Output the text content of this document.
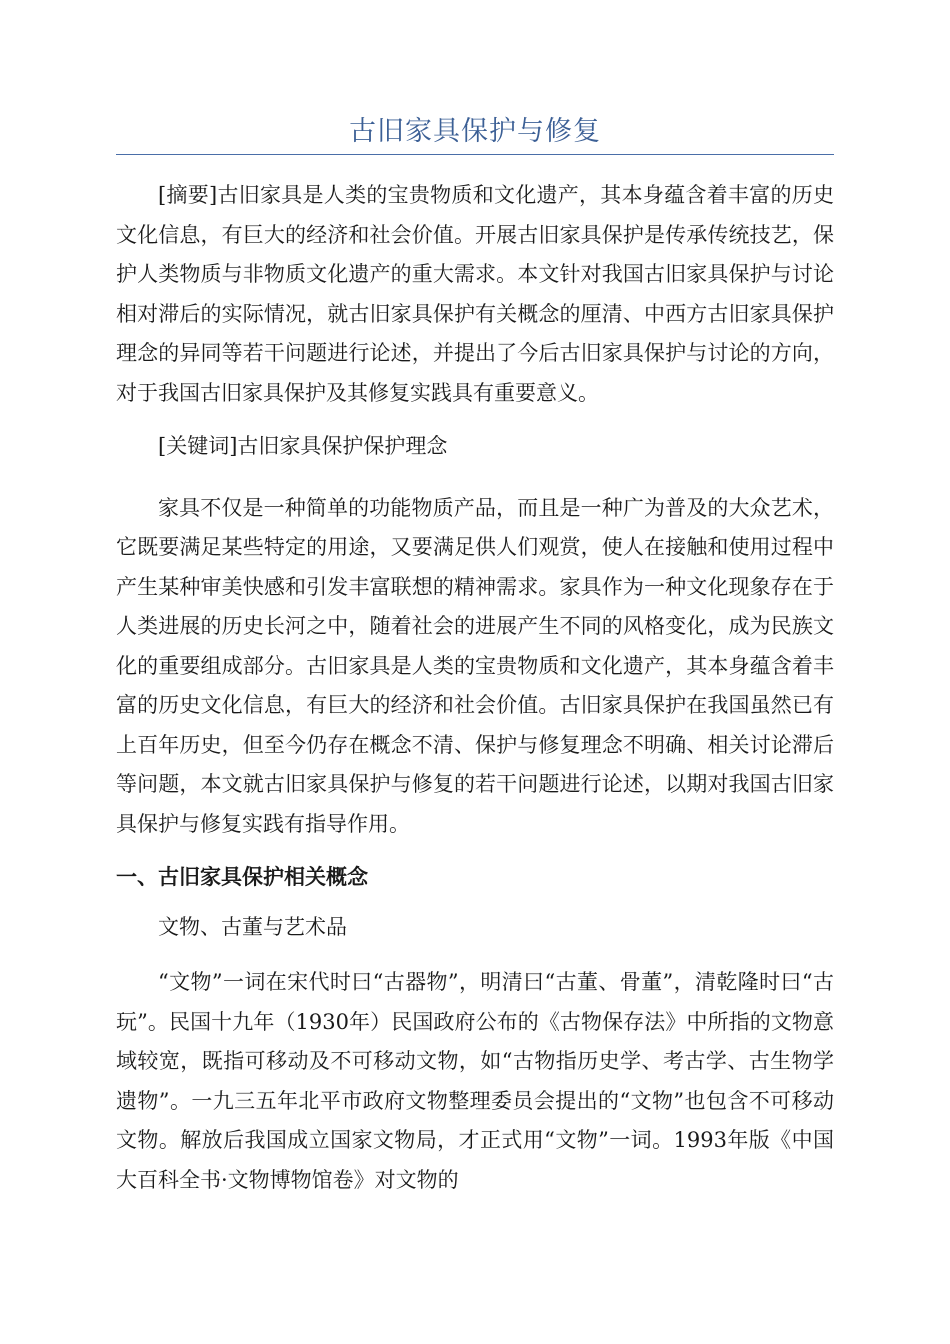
古旧家具保护与修复

[摘要]古旧家具是人类的宝贵物质和文化遗产，其本身蕴含着丰富的历史文化信息，有巨大的经济和社会价值。开展古旧家具保护是传承传统技艺，保护人类物质与非物质文化遗产的重大需求。本文针对我国古旧家具保护与讨论相对滞后的实际情况，就古旧家具保护有关概念的厘清、中西方古旧家具保护理念的异同等若干问题进行论述，并提出了今后古旧家具保护与讨论的方向，对于我国古旧家具保护及其修复实践具有重要意义。

[关键词]古旧家具保护保护理念

家具不仅是一种简单的功能物质产品，而且是一种广为普及的大众艺术，它既要满足某些特定的用途，又要满足供人们观赏，使人在接触和使用过程中产生某种审美快感和引发丰富联想的精神需求。家具作为一种文化现象存在于人类进展的历史长河之中，随着社会的进展产生不同的风格变化，成为民族文化的重要组成部分。古旧家具是人类的宝贵物质和文化遗产，其本身蕴含着丰富的历史文化信息，有巨大的经济和社会价值。古旧家具保护在我国虽然已有上百年历史，但至今仍存在概念不清、保护与修复理念不明确、相关讨论滞后等问题，本文就古旧家具保护与修复的若干问题进行论述，以期对我国古旧家具保护与修复实践有指导作用。

一、古旧家具保护相关概念
文物、古董与艺术品

“文物”一词在宋代时曰“古器物”，明清曰“古董、骨董”，清乾隆时曰“古玩”。民国十九年（1930年）民国政府公布的《古物保存法》中所指的文物意域较宽，既指可移动及不可移动文物，如“古物指历史学、考古学、古生物学遗物”。一九三五年北平市政府文物整理委员会提出的“文物”也包含不可移动文物。解放后我国成立国家文物局，才正式用“文物”一词。1993年版《中国大百科全书·文物博物馆卷》对文物的
